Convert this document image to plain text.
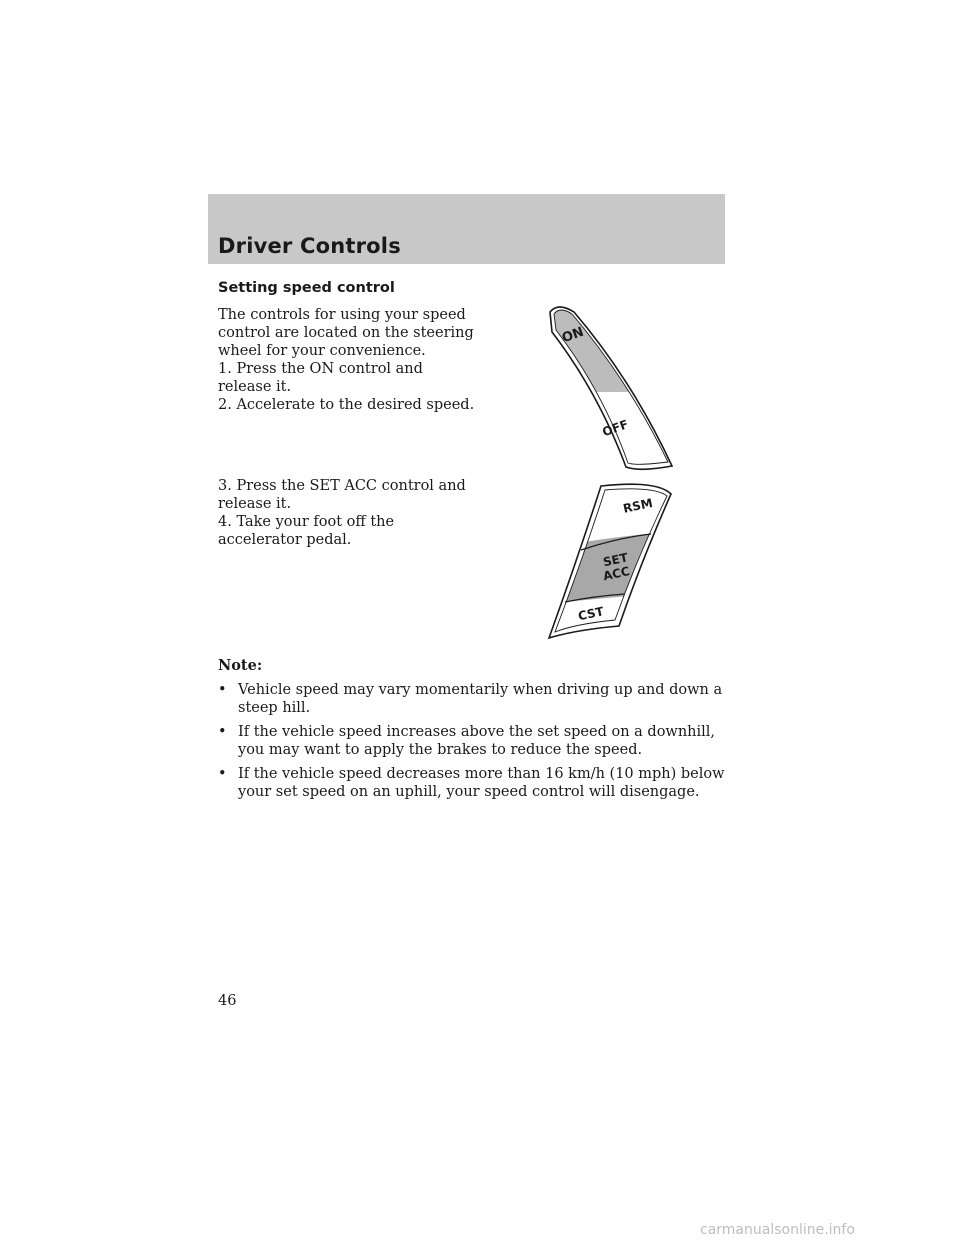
Driver Controls
Setting speed control

The controls for using your speed control are located on the steering wheel for your convenience.

1. Press the ON control and release it.

2. Accelerate to the desired speed.

3. Press the SET ACC control and release it.

4. Take your foot off the accelerator pedal.

ON
OFF
RSM
SET
ACC
CST
Note:
• Vehicle speed may vary momentarily when driving up and down a steep hill.
• If the vehicle speed increases above the set speed on a downhill, you may want to apply the brakes to reduce the speed.
• If the vehicle speed decreases more than 16 km/h (10 mph) below your set speed on an uphill, your speed control will disengage.
46
carmanualsonline.info
